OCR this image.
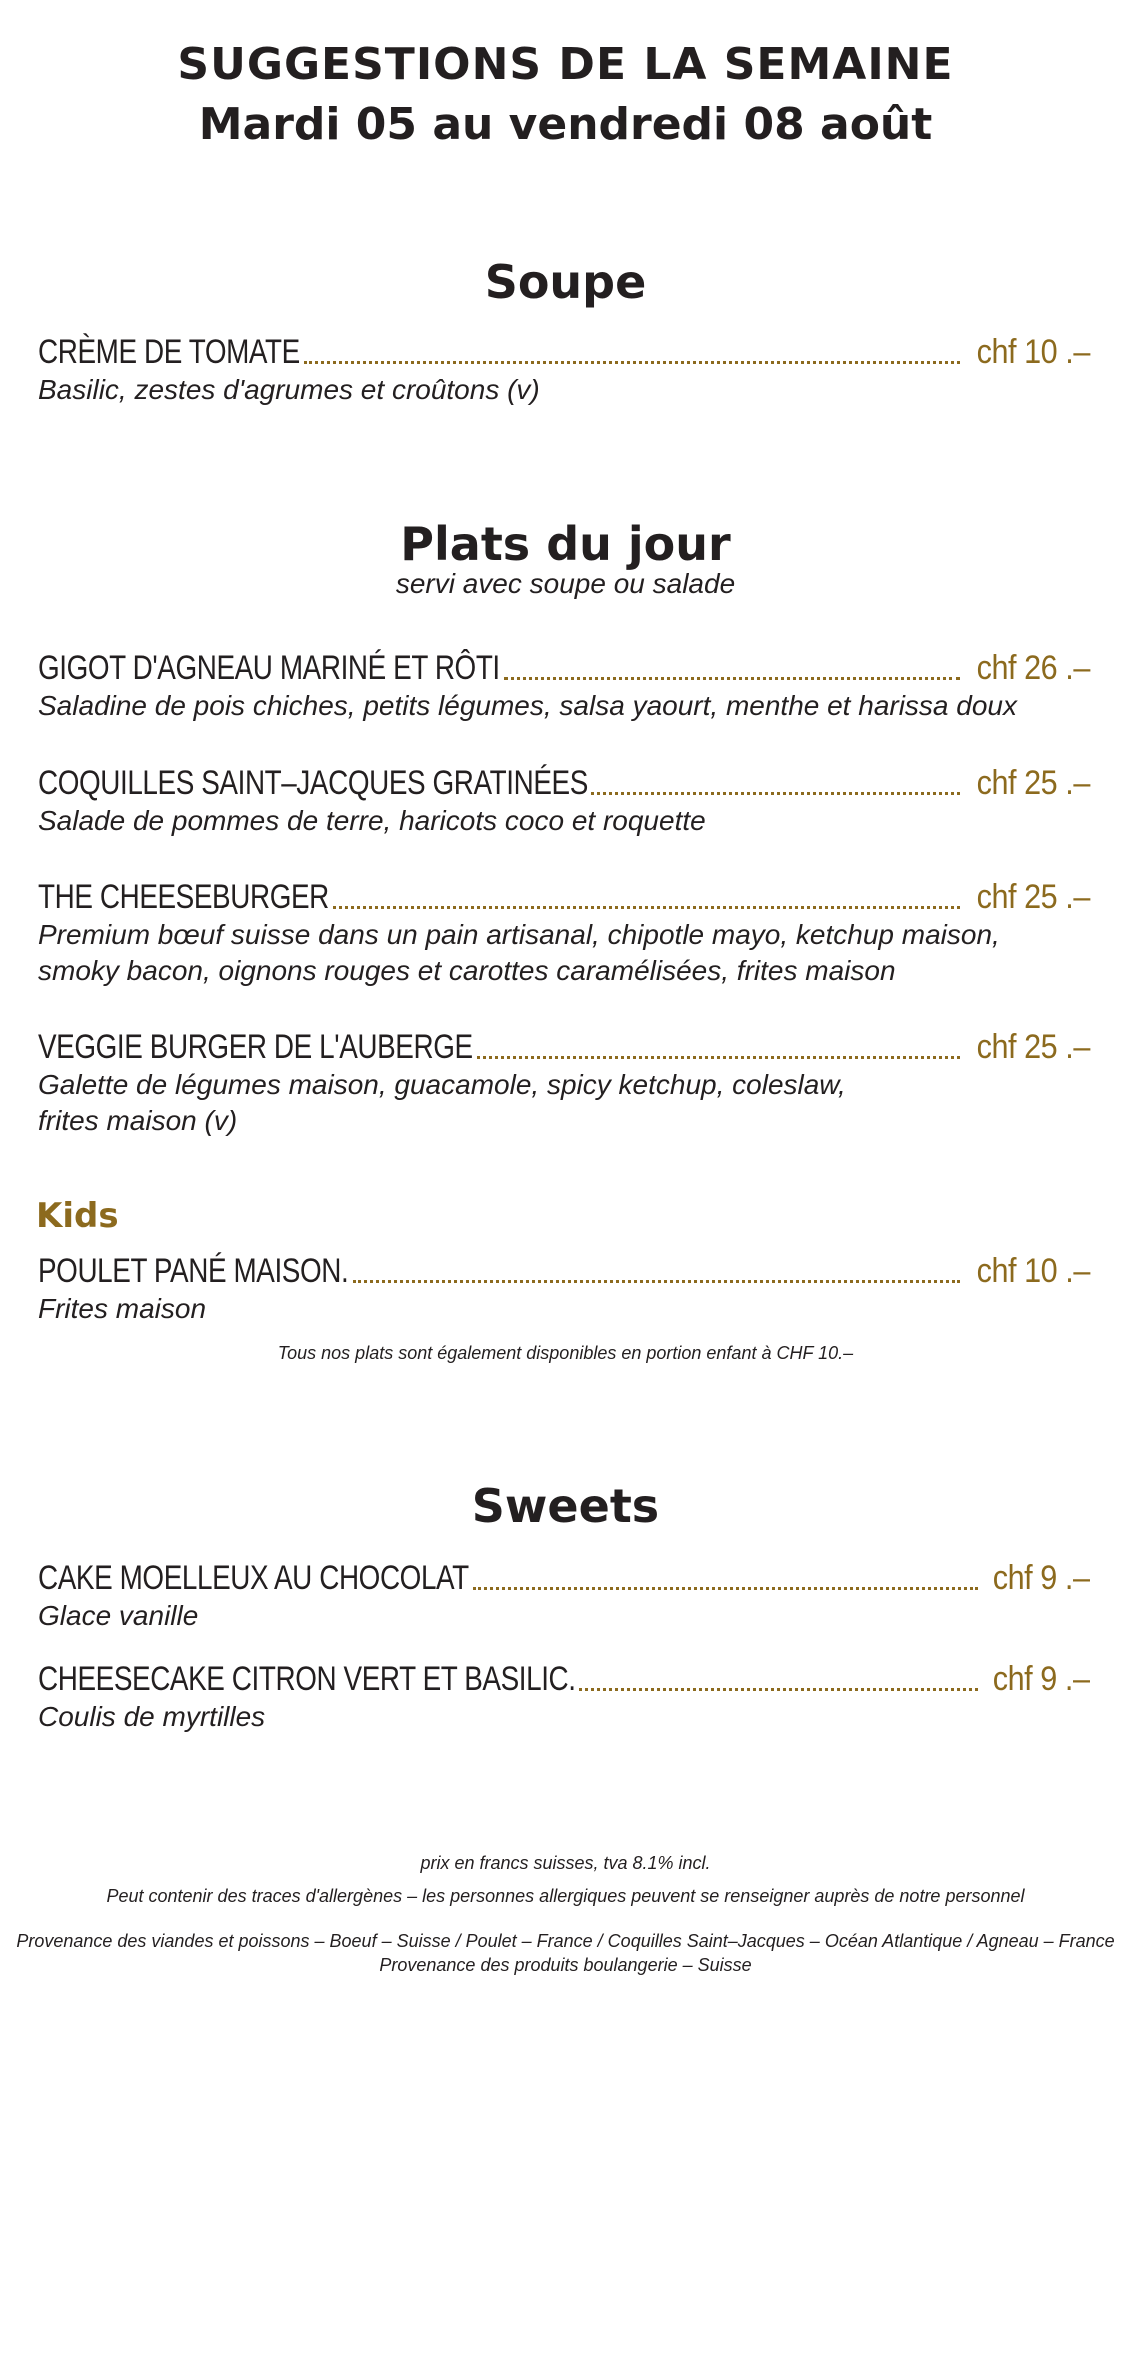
SUGGESTIONS DE LA SEMAINE
Mardi 05 au vendredi 08 août
Soupe
CRÈME DE TOMATE	chf 10 .–
Basilic, zestes d'agrumes et croûtons (v)
Plats du jour
servi avec soupe ou salade
GIGOT D'AGNEAU MARINÉ ET RÔTI	chf 26 .–
Saladine de pois chiches, petits légumes, salsa yaourt, menthe et harissa doux
COQUILLES SAINT–JACQUES GRATINÉES	chf 25 .–
Salade de pommes de terre, haricots coco et roquette
THE CHEESEBURGER	chf 25 .–
Premium bœuf suisse dans un pain artisanal, chipotle mayo, ketchup maison,
smoky bacon, oignons rouges et carottes caramélisées, frites maison
VEGGIE BURGER DE L'AUBERGE	chf 25 .–
Galette de légumes maison, guacamole, spicy ketchup, coleslaw,
frites maison (v)
Kids
POULET PANÉ MAISON.	chf 10 .–
Frites maison
Tous nos plats sont également disponibles en portion enfant à CHF 10.–
Sweets
CAKE MOELLEUX AU CHOCOLAT	chf 9 .–
Glace vanille
CHEESECAKE CITRON VERT ET BASILIC.	chf 9 .–
Coulis de myrtilles
prix en francs suisses, tva 8.1% incl.
Peut contenir des traces d'allergènes – les personnes allergiques peuvent se renseigner auprès de notre personnel
Provenance des viandes et poissons – Boeuf – Suisse / Poulet – France / Coquilles Saint–Jacques – Océan Atlantique / Agneau – France
Provenance des produits boulangerie – Suisse
